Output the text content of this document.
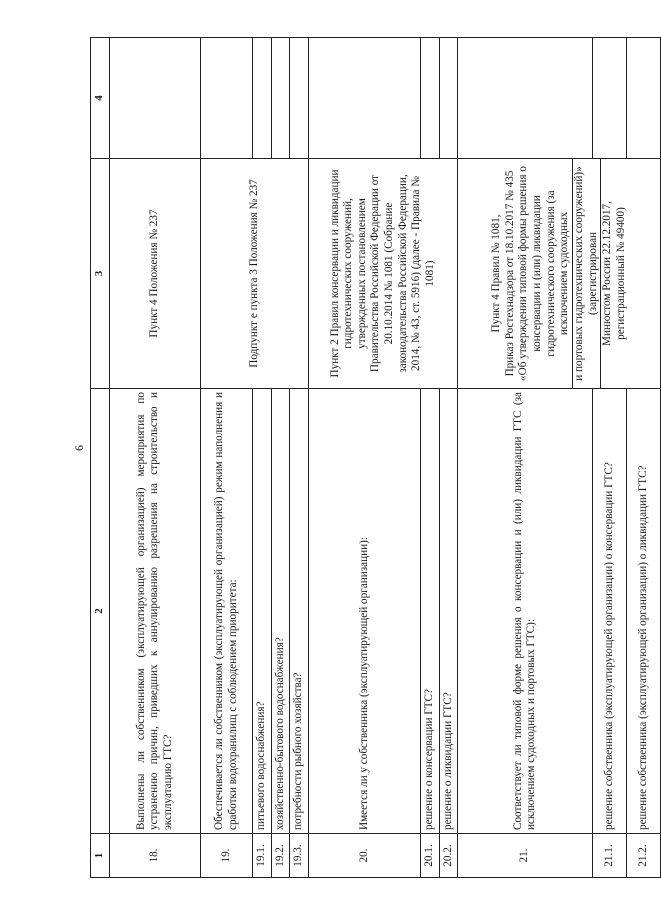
6
1	2	3	4
18.	Выполнены ли собственником (эксплуатирующей организацией) мероприятия по устранению причин, приведших к аннулированию разрешения на строительство и эксплуатацию ГТС?	Пункт 4 Положения № 237	
19.	Обеспечивается ли собственником (эксплуатирующей организацией) режим наполнения и сработки водохранилищ с соблюдением приоритета:	Подпункт е пункта 3 Положения № 237	
19.1.	питьевого водоснабжения?		
19.2.	хозяйственно-бытового водоснабжения?		
19.3.	потребности рыбного хозяйства?		
20.	Имеется ли у собственника (эксплуатирующей организации):	Пункт 2 Правил консервации и ликвидации гидротехнических сооружений, утвержденных постановлением Правительства Российской Федерации от 20.10.2014 № 1081 (Собрание законодательства Российской Федерации, 2014, № 43, ст. 5916) (далее - Правила № 1081)	
20.1.	решение о консервации ГТС?		
20.2.	решение о ликвидации ГТС?		
21.	Соответствует ли типовой форме решения о консервации и (или) ликвидации ГТС (за исключением судоходных и портовых ГТС):	Пункт 4 Правил № 1081, Приказ Ростехнадзора от 18.10.2017 № 435 «Об утверждении типовой формы решения о консервации и (или) ликвидации гидротехнического сооружения (за исключением судоходных и портовых гидротехнических сооружений)» (зарегистрирован Минюстом России 22.12.2017, регистрационный № 49400)	

21.1.	решение собственника (эксплуатирующей организации) о консервации ГТС?		
21.2.	решение собственника (эксплуатирующей организации) о ликвидации ГТС?		
